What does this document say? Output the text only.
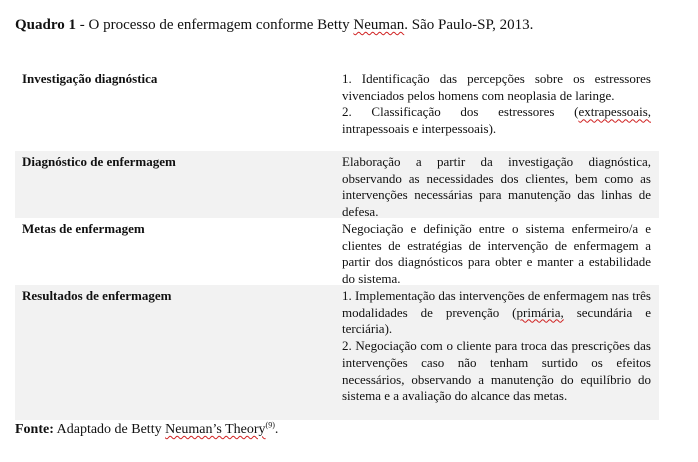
Quadro 1 - O processo de enfermagem conforme Betty Neuman. São Paulo-SP, 2013.
Investigação diagnóstica	1. Identificação das percepções sobre os estressores vivenciados pelos homens com neoplasia de laringe.

2. Classificação dos estressores (extrapessoais, intrapessoais e interpessoais).

Diagnóstico de enfermagem	Elaboração a partir da investigação diagnóstica, observando as necessidades dos clientes, bem como as intervenções necessárias para manutenção das linhas de defesa.

Metas de enfermagem	Negociação e definição entre o sistema enfermeiro/a e clientes de estratégias de intervenção de enfermagem a partir dos diagnósticos para obter e manter a estabilidade do sistema.

Resultados de enfermagem	1. Implementação das intervenções de enfermagem nas três modalidades de prevenção (primária, secundária e terciária).

2. Negociação com o cliente para troca das prescrições das intervenções caso não tenham surtido os efeitos necessários, observando a manutenção do equilíbrio do sistema e a avaliação do alcance das metas.

Fonte: Adaptado de Betty Neuman’s Theory$^{(9)}$.
